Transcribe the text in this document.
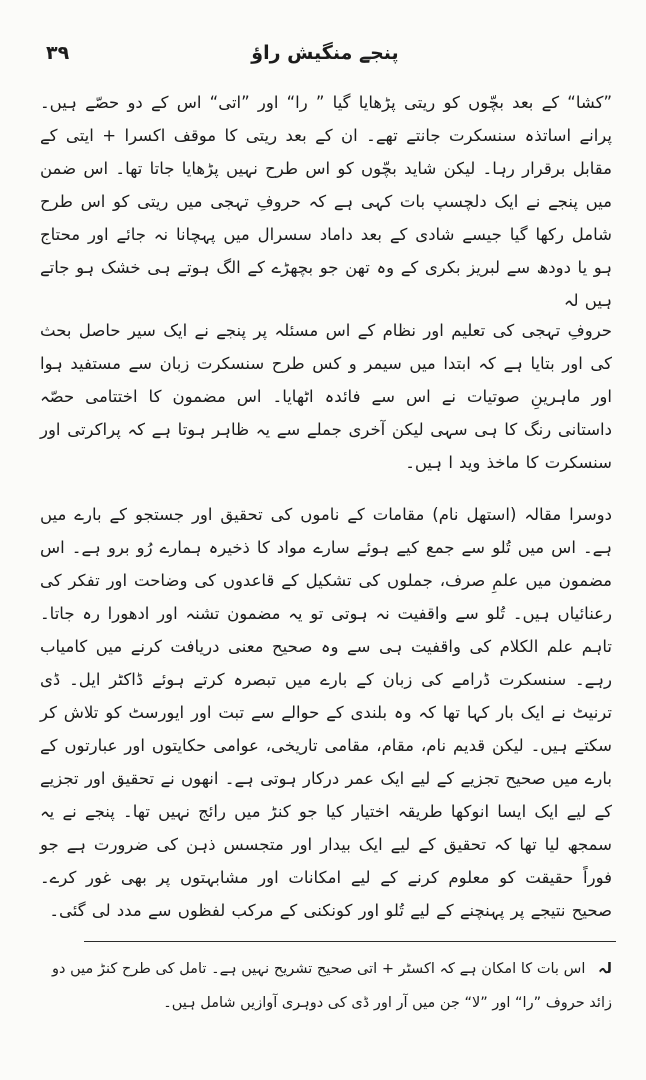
۳۹	پنجے منگیش راؤ

”کشا“ کے بعد بچّوں کو ریتی پڑھایا گیا ” را“ اور ”اتی“ اس کے دو حصّے ہیں۔ پرانے اساتذہ سنسکرت جانتے تھے۔ ان کے بعد ریتی کا موقف اکسرا + ایتی کے مقابل برقرار رہا۔ لیکن شاید بچّوں کو اس طرح نہیں پڑھایا جاتا تھا۔ اس ضمن میں پنجے نے ایک دلچسپ بات کہی ہے کہ حروفِ تہجی میں ریتی کو اس طرح شامل رکھا گیا جیسے شادی کے بعد داماد سسرال میں پہچانا نہ جائے اور محتاج ہو یا دودھ سے لبریز بکری کے وہ تھن جو بچھڑے کے الگ ہوتے ہی خشک ہو جاتے ہیں لہ

حروفِ تہجی کی تعلیم اور نظام کے اس مسئلہ پر پنجے نے ایک سیر حاصل بحث کی اور بتایا ہے کہ ابتدا میں سیمر و کس طرح سنسکرت زبان سے مستفید ہوا اور ماہرینِ صوتیات نے اس سے فائدہ اٹھایا۔ اس مضمون کا اختتامی حصّہ داستانی رنگ کا ہی سہی لیکن آخری جملے سے یہ ظاہر ہوتا ہے کہ پراکرتی اور سنسکرت کا ماخذ وید ا ہیں۔

دوسرا مقالہ (استھل نام) مقامات کے ناموں کی تحقیق اور جستجو کے بارے میں ہے۔ اس میں تُلو سے جمع کیے ہوئے سارے مواد کا ذخیرہ ہمارے رُو برو ہے۔ اس مضمون میں علمِ صرف، جملوں کی تشکیل کے قاعدوں کی وضاحت اور تفکر کی رعنائیاں ہیں۔ تُلو سے واقفیت نہ ہوتی تو یہ مضمون تشنہ اور ادھورا رہ جاتا۔ تاہم علم الکلام کی واقفیت ہی سے وہ صحیح معنی دریافت کرنے میں کامیاب رہے۔ سنسکرت ڈرامے کی زبان کے بارے میں تبصرہ کرتے ہوئے ڈاکٹر ایل۔ ڈی ترنیٹ نے ایک بار کہا تھا کہ وہ بلندی کے حوالے سے تبت اور ایورسٹ کو تلاش کر سکتے ہیں۔ لیکن قدیم نام، مقام، مقامی تاریخی، عوامی حکایتوں اور عبارتوں کے بارے میں صحیح تجزیے کے لیے ایک عمر درکار ہوتی ہے۔ انھوں نے تحقیق اور تجزیے کے لیے ایک ایسا انوکھا طریقہ اختیار کیا جو کنڑ میں رائج نہیں تھا۔ پنجے نے یہ سمجھ لیا تھا کہ تحقیق کے لیے ایک بیدار اور متجسس ذہن کی ضرورت ہے جو فوراً حقیقت کو معلوم کرنے کے لیے امکانات اور مشابہتوں پر بھی غور کرے۔ صحیح نتیجے پر پہنچنے کے لیے تُلو اور کونکنی کے مرکب لفظوں سے مدد لی گئی۔

لہ اس بات کا امکان ہے کہ اکسٹر + اتی صحیح تشریح نہیں ہے۔ تامل کی طرح کنڑ میں دو زائد حروف ”را“ اور ”لا“ جن میں آر اور ڈی کی دوہری آوازیں شامل ہیں۔
